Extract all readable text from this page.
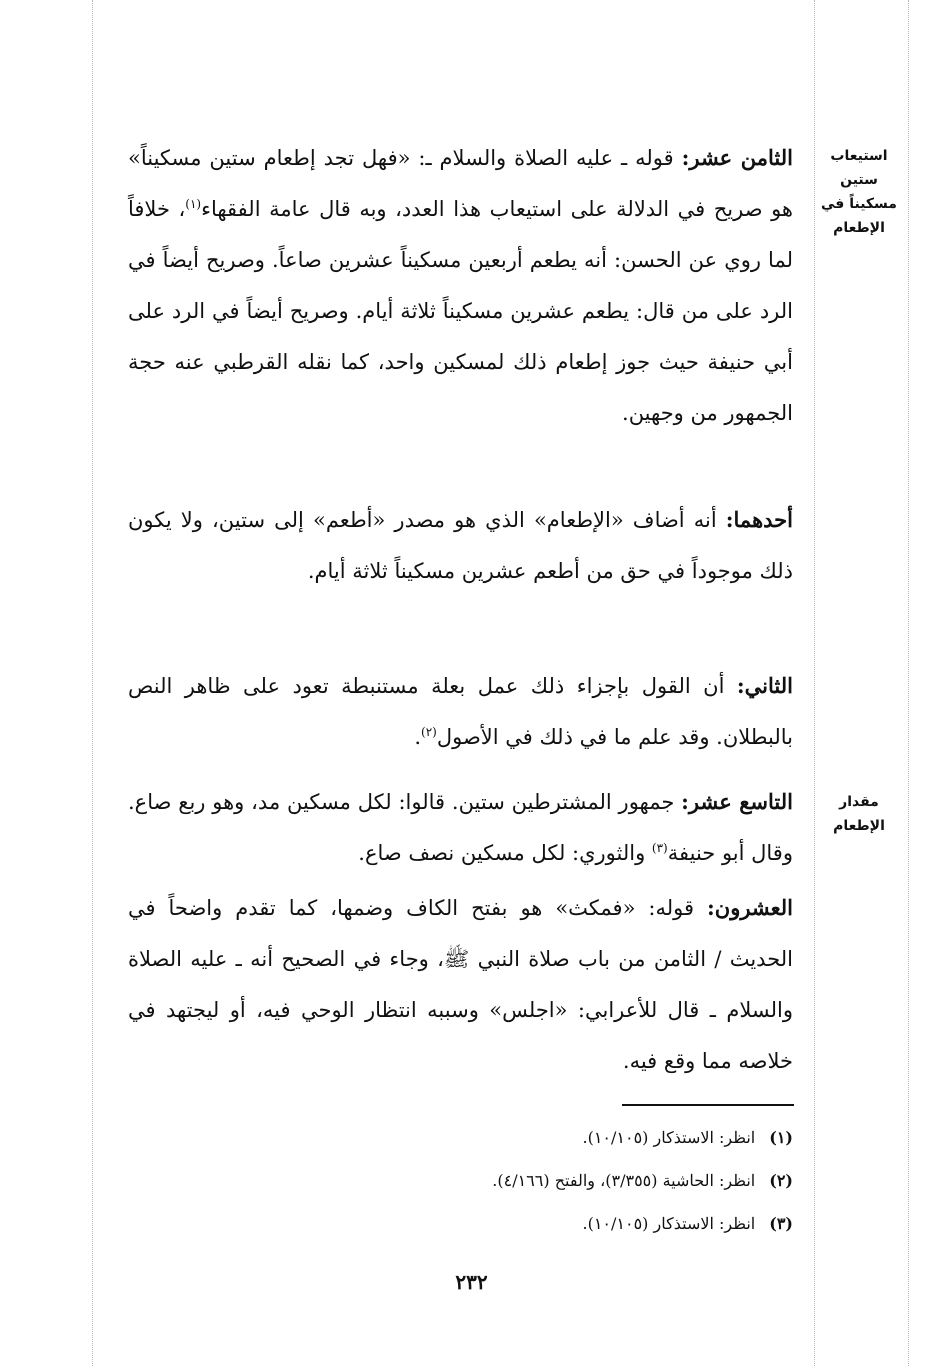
استيعاب ستين مسكيناً في الإطعام
مقدار الإطعام

الثامن عشر: قوله ـ عليه الصلاة والسلام ـ: «فهل تجد إطعام ستين مسكيناً» هو صريح في الدلالة على استيعاب هذا العدد، وبه قال عامة الفقهاء$^{(١)}$، خلافاً لما روي عن الحسن: أنه يطعم أربعين مسكيناً عشرين صاعاً. وصريح أيضاً في الرد على من قال: يطعم عشرين مسكيناً ثلاثة أيام. وصريح أيضاً في الرد على أبي حنيفة حيث جوز إطعام ذلك لمسكين واحد، كما نقله القرطبي عنه حجة الجمهور من وجهين.

أحدهما: أنه أضاف «الإطعام» الذي هو مصدر «أطعم» إلى ستين، ولا يكون ذلك موجوداً في حق من أطعم عشرين مسكيناً ثلاثة أيام.

الثاني: أن القول بإجزاء ذلك عمل بعلة مستنبطة تعود على ظاهر النص بالبطلان. وقد علم ما في ذلك في الأصول$^{(٢)}$.

التاسع عشر: جمهور المشترطين ستين. قالوا: لكل مسكين مد، وهو ربع صاع. وقال أبو حنيفة$^{(٣)}$ والثوري: لكل مسكين نصف صاع.

العشرون: قوله: «فمكث» هو بفتح الكاف وضمها، كما تقدم واضحاً في الحديث / الثامن من باب صلاة النبي ﷺ، وجاء في الصحيح أنه ـ عليه الصلاة والسلام ـ قال للأعرابي: «اجلس» وسببه انتظار الوحي فيه، أو ليجتهد في خلاصه مما وقع فيه.

(١)انظر: الاستذكار (١٠/١٠٥).
(٢)انظر: الحاشية (٣/٣٥٥)، والفتح (٤/١٦٦).
(٣)انظر: الاستذكار (١٠/١٠٥).
٢٣٢
